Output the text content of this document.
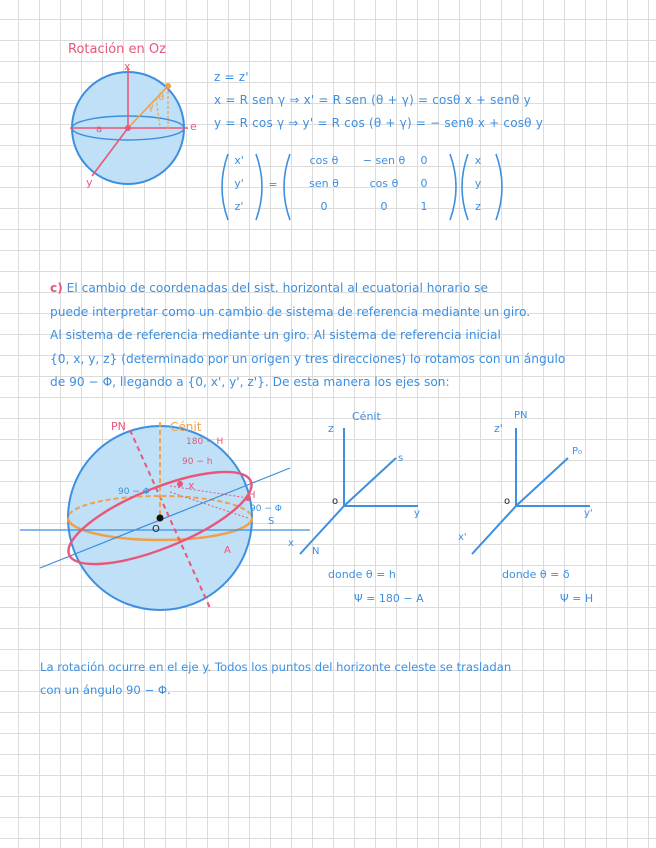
Rotación en Oz
x
e
a
y
γ
θ
z = z'
x = R sen γ ⇒ x' = R sen (θ + γ) = cosθ x + senθ y
y = R cos γ ⇒ y' = R cos (θ + γ) = − senθ x + cosθ y
x'
y'
z'
=
cos θ	− sen θ	0
sen θ	cos θ	0
0	0	1
x
y
z
c) El cambio de coordenadas del sist. horizontal al ecuatorial horario se
puede interpretar como un cambio de sistema de referencia mediante un giro.
Al sistema de referencia mediante un giro. Al sistema de referencia inicial
{0, x, y, z} (determinado por un origen y tres direcciones) lo rotamos con un ángulo
de 90 − Φ, llegando a {0, x', y', z'}. De esta manera los ejes son:
PN	Cénit
180 − H
90 − h
90 − Φ	x
H
90 − Φ
S
O
A
z
Cénit
s
o
y
x
N
donde θ = h
Ψ = 180 − A
z'
PN
P₀
o
y'
x'
donde θ = δ
Ψ = H
La rotación ocurre en el eje y. Todos los puntos del horizonte celeste se trasladan
con un ángulo 90 − Φ.
